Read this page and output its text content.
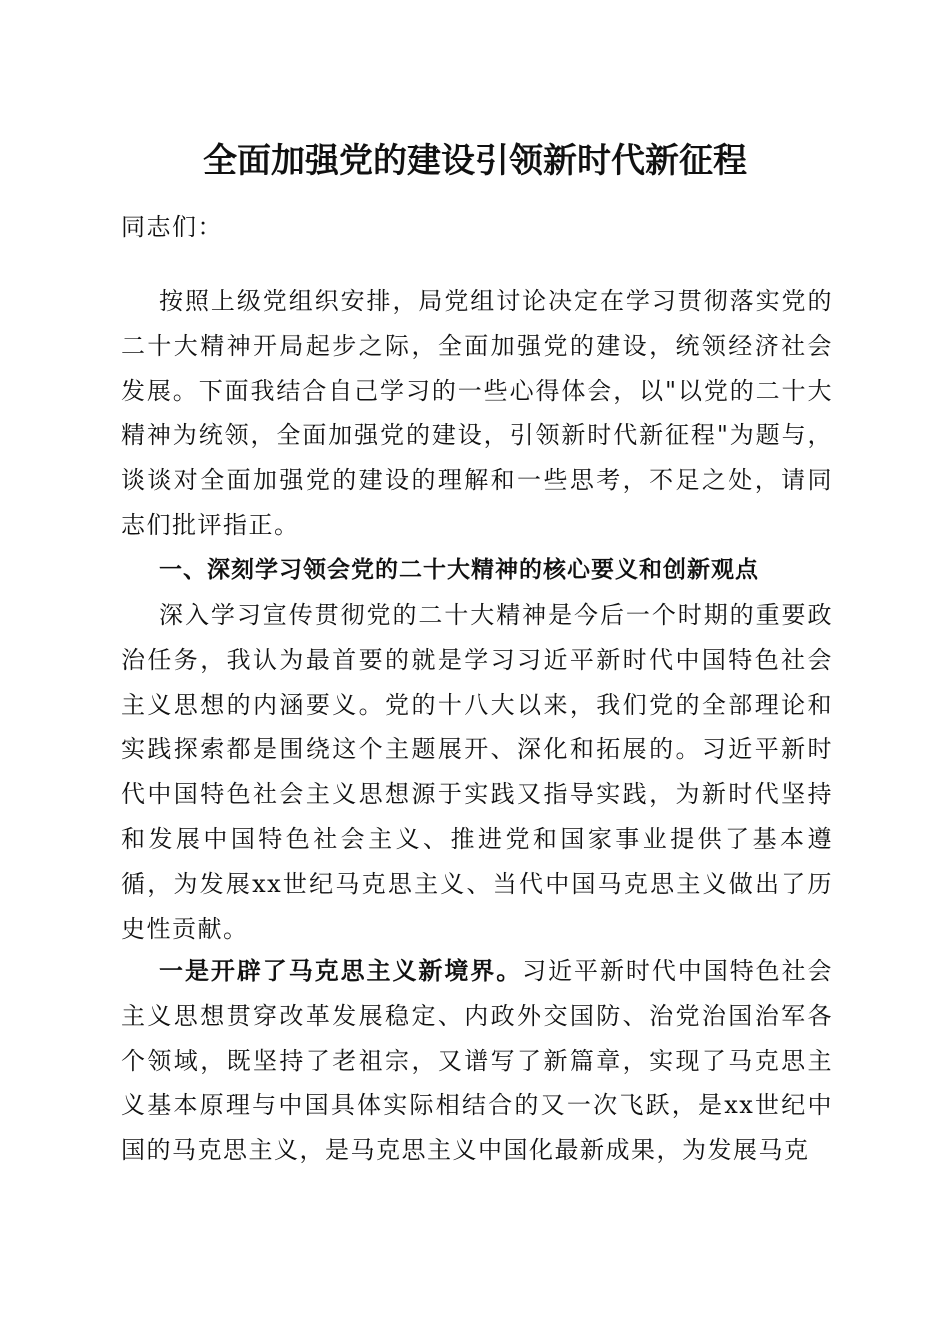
全面加强党的建设引领新时代新征程

同志们：

按照上级党组织安排，局党组讨论决定在学习贯彻落实党的二十大精神开局起步之际，全面加强党的建设，统领经济社会发展。下面我结合自己学习的一些心得体会，以"以党的二十大精神为统领，全面加强党的建设，引领新时代新征程"为题与，谈谈对全面加强党的建设的理解和一些思考，不足之处，请同志们批评指正。

一、深刻学习领会党的二十大精神的核心要义和创新观点

深入学习宣传贯彻党的二十大精神是今后一个时期的重要政治任务，我认为最首要的就是学习习近平新时代中国特色社会主义思想的内涵要义。党的十八大以来，我们党的全部理论和实践探索都是围绕这个主题展开、深化和拓展的。习近平新时代中国特色社会主义思想源于实践又指导实践，为新时代坚持和发展中国特色社会主义、推进党和国家事业提供了基本遵循，为发展xx世纪马克思主义、当代中国马克思主义做出了历史性贡献。

一是开辟了马克思主义新境界。习近平新时代中国特色社会主义思想贯穿改革发展稳定、内政外交国防、治党治国治军各个领域，既坚持了老祖宗，又谱写了新篇章，实现了马克思主义基本原理与中国具体实际相结合的又一次飞跃，是xx世纪中国的马克思主义，是马克思主义中国化最新成果，为发展马克
